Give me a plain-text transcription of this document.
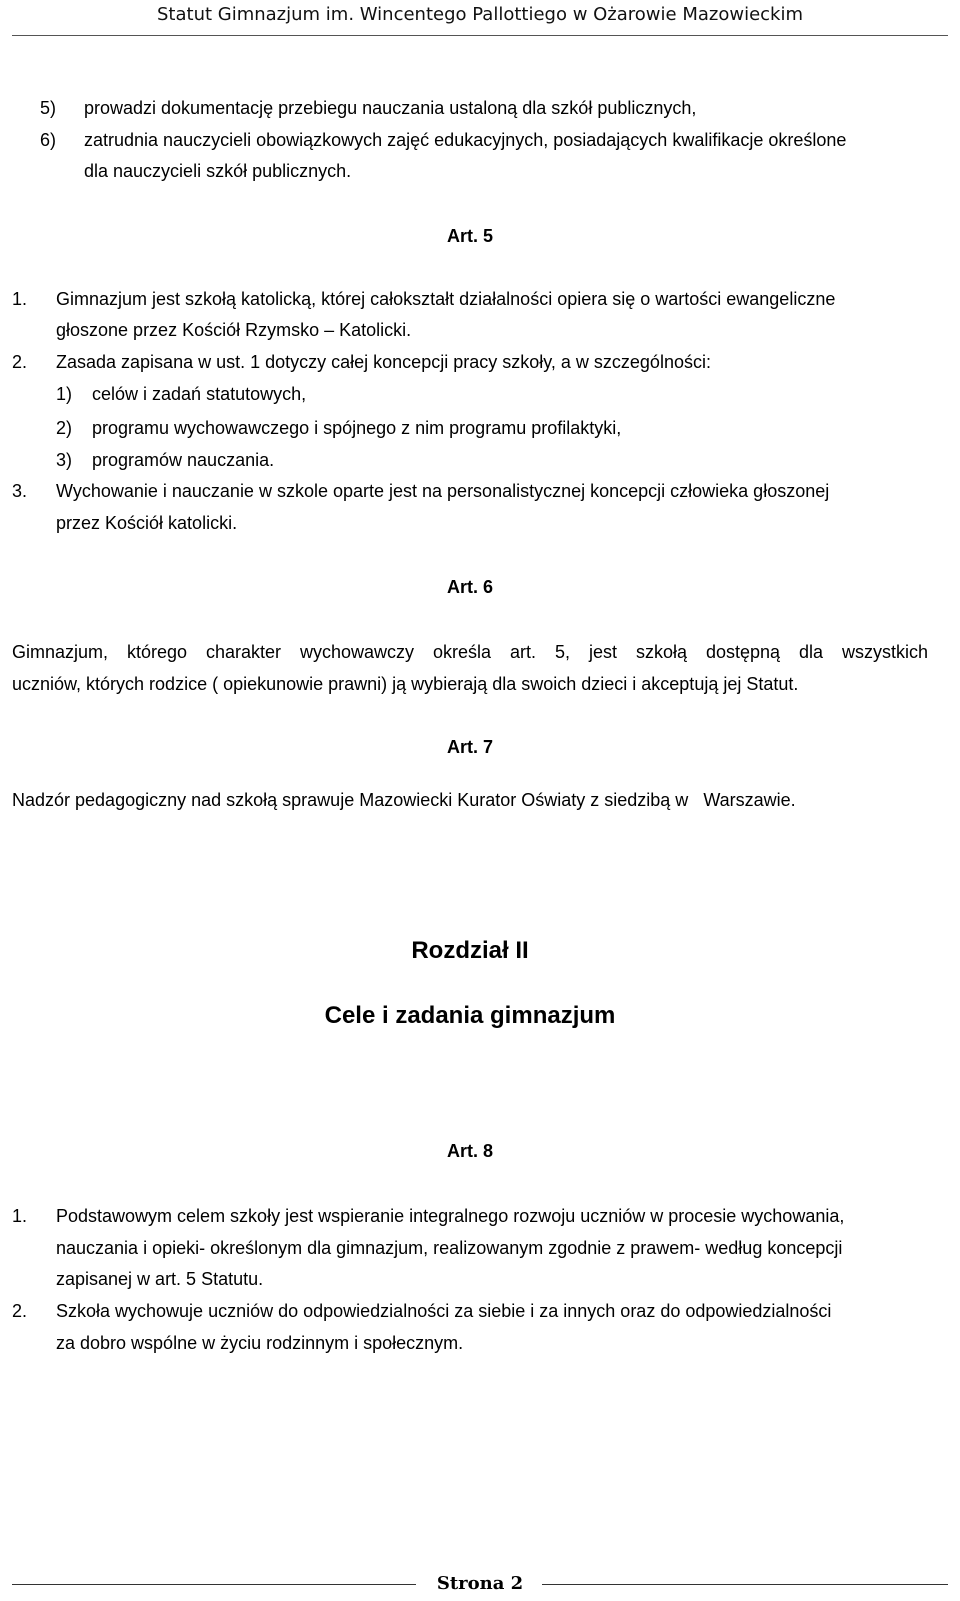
Statut Gimnazjum im. Wincentego Pallottiego w Ożarowie Mazowieckim
5) prowadzi dokumentację przebiegu nauczania ustaloną dla szkół publicznych,
6) zatrudnia nauczycieli obowiązkowych zajęć edukacyjnych, posiadających kwalifikacje określone
dla nauczycieli szkół publicznych.
Art. 5
1. Gimnazjum jest szkołą katolicką, której całokształt działalności opiera się o wartości ewangeliczne
głoszone przez Kościół Rzymsko – Katolicki.
2. Zasada zapisana w ust. 1 dotyczy całej koncepcji pracy szkoły, a w szczególności:
1) celów i zadań statutowych,
2) programu wychowawczego i spójnego z nim programu profilaktyki,
3) programów nauczania.
3. Wychowanie i nauczanie w szkole oparte jest na personalistycznej koncepcji człowieka głoszonej
przez Kościół katolicki.
Art. 6
Gimnazjum, którego charakter wychowawczy określa art. 5, jest szkołą dostępną dla wszystkich
uczniów, których rodzice ( opiekunowie prawni) ją wybierają dla swoich dzieci i akceptują jej Statut.
Art. 7
Nadzór pedagogiczny nad szkołą sprawuje Mazowiecki Kurator Oświaty z siedzibą w   Warszawie.
Rozdział II
Cele i zadania gimnazjum
Art. 8
1. Podstawowym celem szkoły jest wspieranie integralnego rozwoju uczniów w procesie wychowania,
nauczania i opieki- określonym dla gimnazjum, realizowanym zgodnie z prawem- według koncepcji
zapisanej w art. 5 Statutu.
2. Szkoła wychowuje uczniów do odpowiedzialności za siebie i za innych oraz do odpowiedzialności
za dobro wspólne w życiu rodzinnym i społecznym.
Strona 2
